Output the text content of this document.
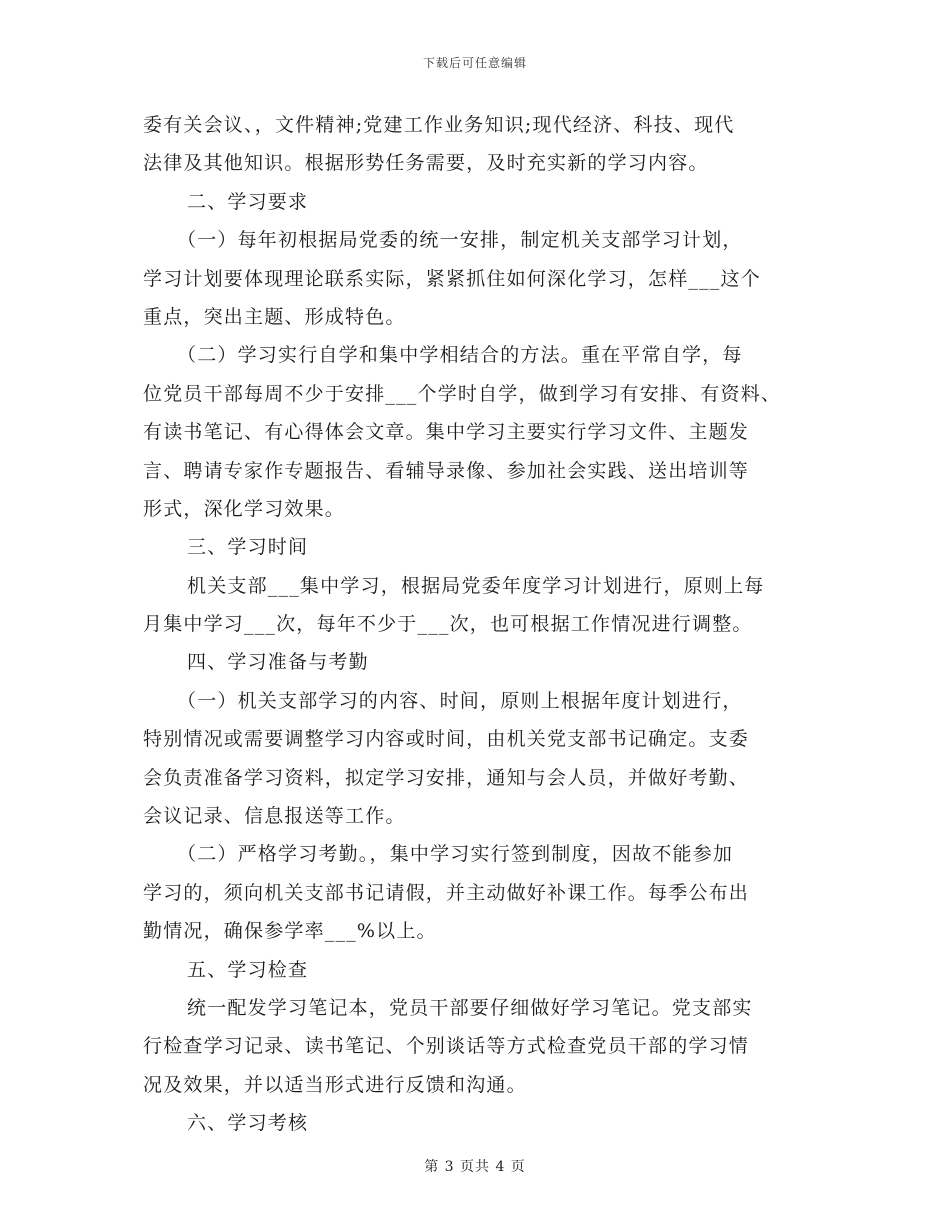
下载后可任意编辑
委有关会议、，文件精神;党建工作业务知识;现代经济、科技、现代
法律及其他知识。根据形势任务需要，及时充实新的学习内容。
二、学习要求
（一）每年初根据局党委的统一安排，制定机关支部学习计划，
学习计划要体现理论联系实际，紧紧抓住如何深化学习，怎样___这个
重点，突出主题、形成特色。
（二）学习实行自学和集中学相结合的方法。重在平常自学，每
位党员干部每周不少于安排___个学时自学，做到学习有安排、有资料、
有读书笔记、有心得体会文章。集中学习主要实行学习文件、主题发
言、聘请专家作专题报告、看辅导录像、参加社会实践、送出培训等
形式，深化学习效果。
三、学习时间
机关支部___集中学习，根据局党委年度学习计划进行，原则上每
月集中学习___次，每年不少于___次，也可根据工作情况进行调整。
四、学习准备与考勤
（一）机关支部学习的内容、时间，原则上根据年度计划进行，
特别情况或需要调整学习内容或时间，由机关党支部书记确定。支委
会负责准备学习资料，拟定学习安排，通知与会人员，并做好考勤、
会议记录、信息报送等工作。
（二）严格学习考勤。，集中学习实行签到制度，因故不能参加
学习的，须向机关支部书记请假，并主动做好补课工作。每季公布出
勤情况，确保参学率___%以上。
五、学习检查
统一配发学习笔记本，党员干部要仔细做好学习笔记。党支部实
行检查学习记录、读书笔记、个别谈话等方式检查党员干部的学习情
况及效果，并以适当形式进行反馈和沟通。
六、学习考核
第 3 页共 4 页
